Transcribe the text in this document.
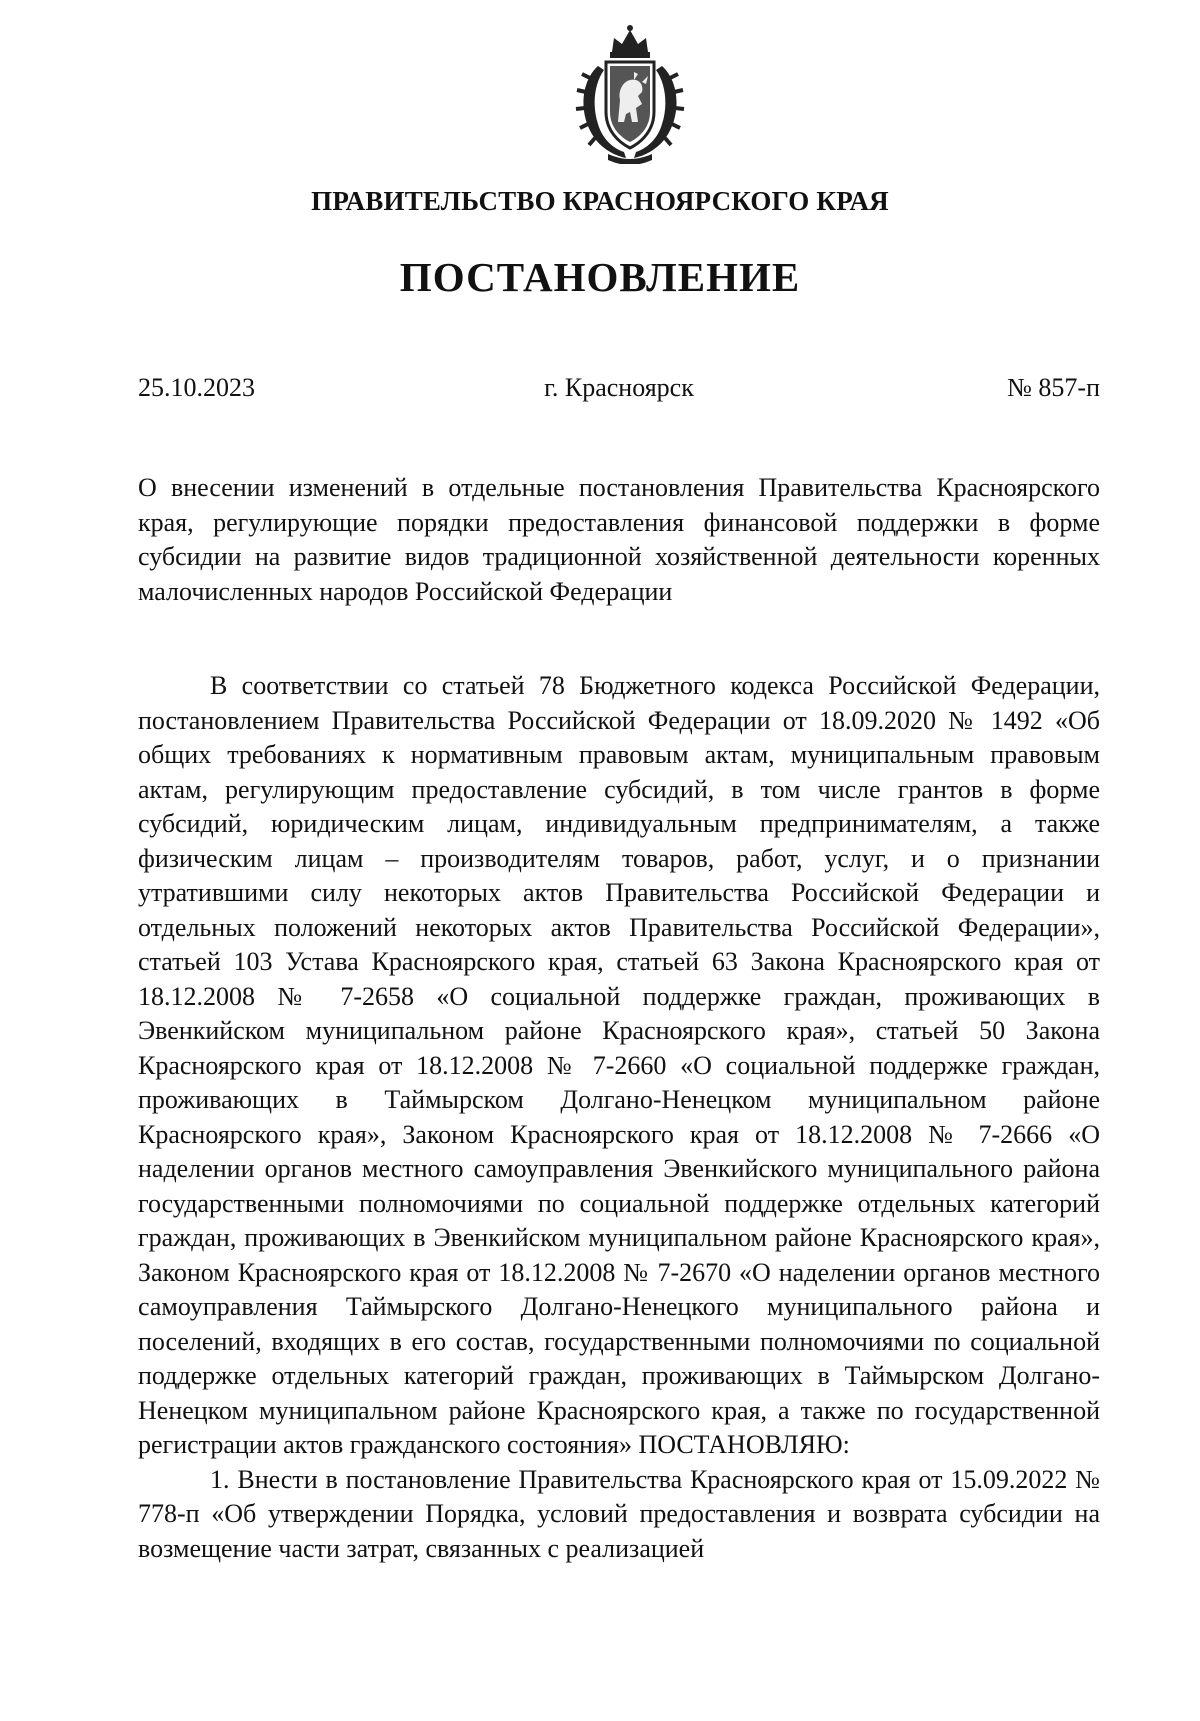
ПРАВИТЕЛЬСТВО КРАСНОЯРСКОГО КРАЯ
ПОСТАНОВЛЕНИЕ
25.10.2023	г. Красноярск	№ 857-п
О внесении изменений в отдельные постановления Правительства Красноярского края, регулирующие порядки предоставления финансовой поддержки в форме субсидии на развитие видов традиционной хозяйственной деятельности коренных малочисленных народов Российской Федерации

В соответствии со статьей 78 Бюджетного кодекса Российской Федерации, постановлением Правительства Российской Федерации от 18.09.2020 № 1492 «Об общих требованиях к нормативным правовым актам, муниципальным правовым актам, регулирующим предоставление субсидий, в том числе грантов в форме субсидий, юридическим лицам, индивидуальным предпринимателям, а также физическим лицам – производителям товаров, работ, услуг, и о признании утратившими силу некоторых актов Правительства Российской Федерации и отдельных положений некоторых актов Правительства Российской Федерации», статьей 103 Устава Красноярского края, статьей 63 Закона Красноярского края от 18.12.2008 № 7-2658 «О социальной поддержке граждан, проживающих в Эвенкийском муниципальном районе Красноярского края», статьей 50 Закона Красноярского края от 18.12.2008 № 7-2660 «О социальной поддержке граждан, проживающих в Таймырском Долгано-Ненецком муниципальном районе Красноярского края», Законом Красноярского края от 18.12.2008 № 7-2666 «О наделении органов местного самоуправления Эвенкийского муниципального района государственными полномочиями по социальной поддержке отдельных категорий граждан, проживающих в Эвенкийском муниципальном районе Красноярского края», Законом Красноярского края от 18.12.2008 № 7-2670 «О наделении органов местного самоуправления Таймырского Долгано-Ненецкого муниципального района и поселений, входящих в его состав, государственными полномочиями по социальной поддержке отдельных категорий граждан, проживающих в Таймырском Долгано-Ненецком муниципальном районе Красноярского края, а также по государственной регистрации актов гражданского состояния» ПОСТАНОВЛЯЮ:

1. Внести в постановление Правительства Красноярского края от 15.09.2022 № 778-п «Об утверждении Порядка, условий предоставления и возврата субсидии на возмещение части затрат, связанных с реализацией
